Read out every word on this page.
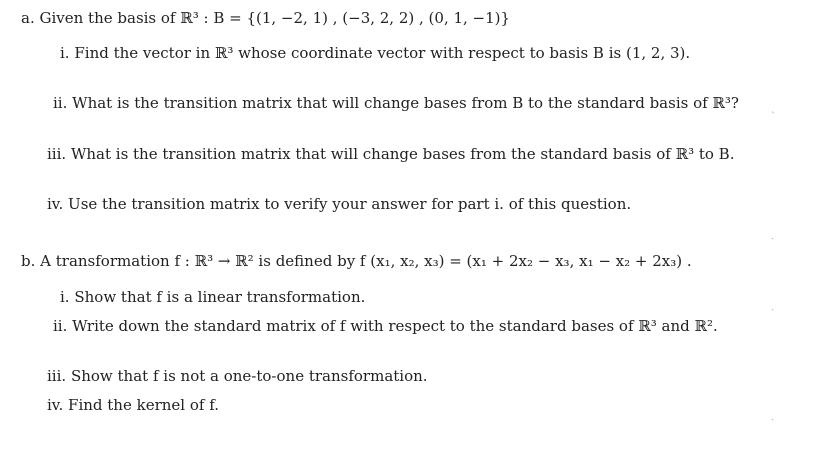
a. Given the basis of ℝ³ : B = {(1, −2, 1) , (−3, 2, 2) , (0, 1, −1)}
i. Find the vector in ℝ³ whose coordinate vector with respect to basis B is (1, 2, 3).
ii. What is the transition matrix that will change bases from B to the standard basis of ℝ³?
iii. What is the transition matrix that will change bases from the standard basis of ℝ³ to B.
iv. Use the transition matrix to verify your answer for part i. of this question.
b. A transformation f : ℝ³ → ℝ² is defined by f (x₁, x₂, x₃) = (x₁ + 2x₂ − x₃, x₁ − x₂ + 2x₃) .
i. Show that f is a linear transformation.
ii. Write down the standard matrix of f with respect to the standard bases of ℝ³ and ℝ².
iii. Show that f is not a one-to-one transformation.
iv. Find the kernel of f.
ˋ
ˏ
ˏ
ˏ
